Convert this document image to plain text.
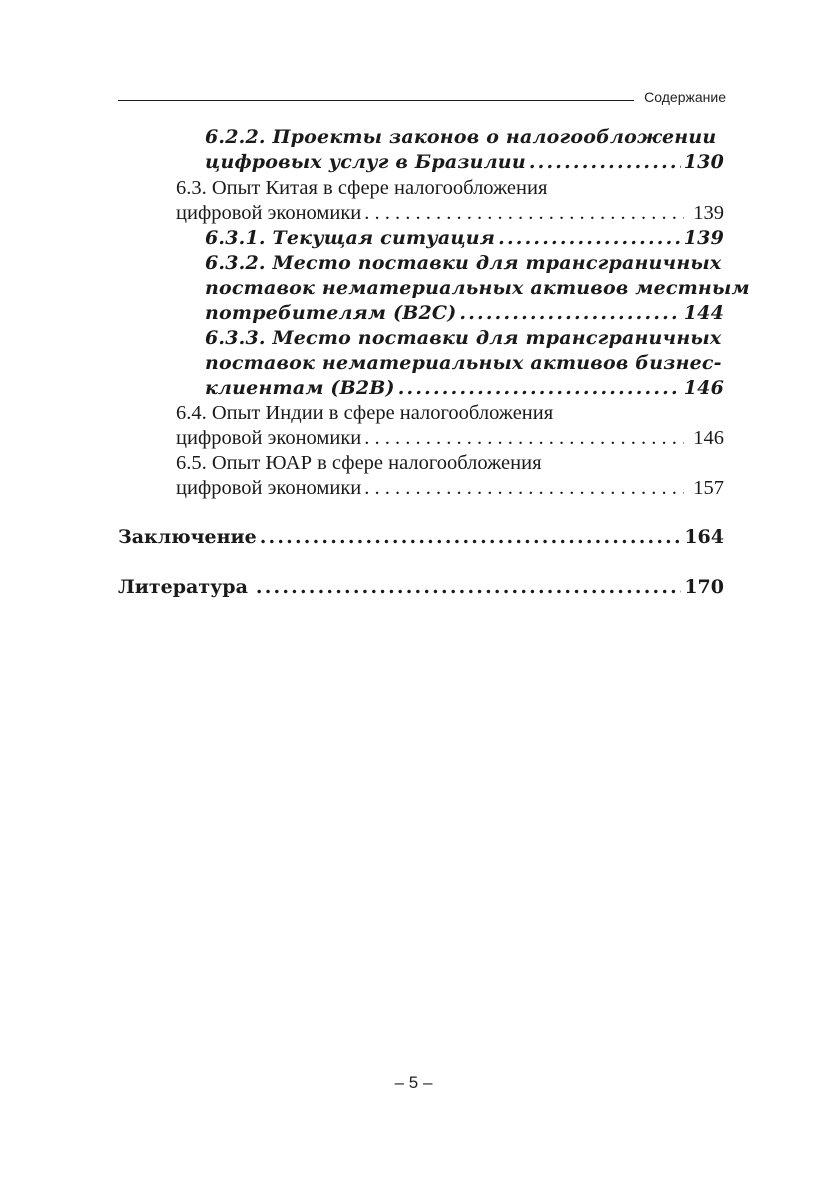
Содержание
6.2.2. Проекты законов о налогообложении
цифровых услуг в Бразилии .....	130
6.3. Опыт Китая в сфере налогообложения
цифровой экономики . . .	139
6.3.1. Текущая ситуация .....	139
6.3.2. Место поставки для трансграничных
поставок нематериальных активов местным
потребителям (B2C) .....	144
6.3.3. Место поставки для трансграничных
поставок нематериальных активов бизнес-
клиентам (B2B) .....	146
6.4. Опыт Индии в сфере налогообложения
цифровой экономики . . .	146
6.5. Опыт ЮАР в сфере налогообложения
цифровой экономики . . .	157
Заключение .....	164
Литература .....	170
– 5 –
